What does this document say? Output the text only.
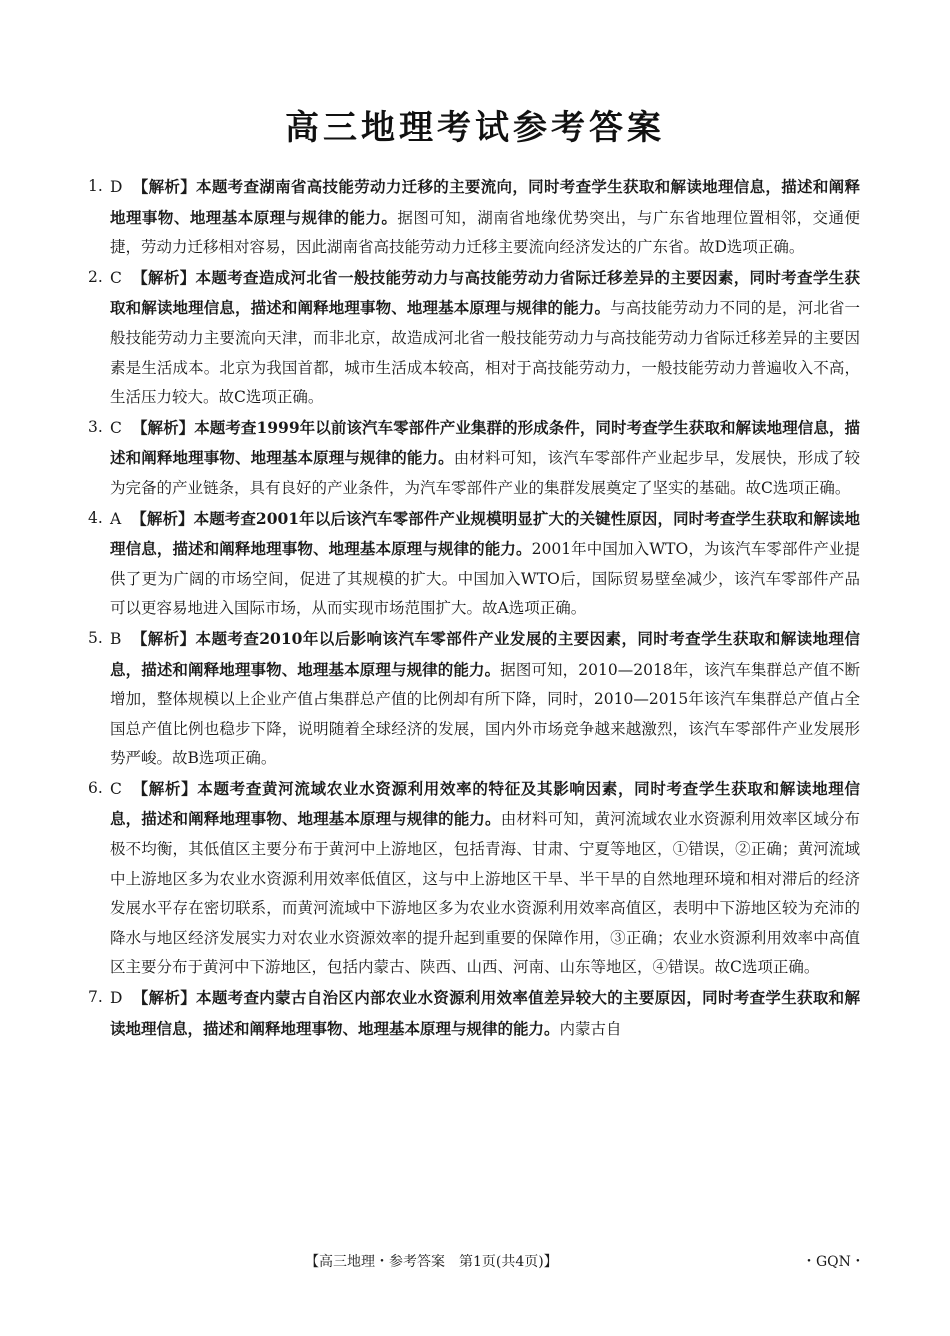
高三地理考试参考答案

1. D 【解析】本题考查湖南省高技能劳动力迁移的主要流向，同时考查学生获取和解读地理信息，描述和阐释地理事物、地理基本原理与规律的能力。据图可知，湖南省地缘优势突出，与广东省地理位置相邻，交通便捷，劳动力迁移相对容易，因此湖南省高技能劳动力迁移主要流向经济发达的广东省。故D选项正确。

2. C 【解析】本题考查造成河北省一般技能劳动力与高技能劳动力省际迁移差异的主要因素，同时考查学生获取和解读地理信息，描述和阐释地理事物、地理基本原理与规律的能力。与高技能劳动力不同的是，河北省一般技能劳动力主要流向天津，而非北京，故造成河北省一般技能劳动力与高技能劳动力省际迁移差异的主要因素是生活成本。北京为我国首都，城市生活成本较高，相对于高技能劳动力，一般技能劳动力普遍收入不高，生活压力较大。故C选项正确。

3. C 【解析】本题考查1999年以前该汽车零部件产业集群的形成条件，同时考查学生获取和解读地理信息，描述和阐释地理事物、地理基本原理与规律的能力。由材料可知，该汽车零部件产业起步早，发展快，形成了较为完备的产业链条，具有良好的产业条件，为汽车零部件产业的集群发展奠定了坚实的基础。故C选项正确。

4. A 【解析】本题考查2001年以后该汽车零部件产业规模明显扩大的关键性原因，同时考查学生获取和解读地理信息，描述和阐释地理事物、地理基本原理与规律的能力。2001年中国加入WTO，为该汽车零部件产业提供了更为广阔的市场空间，促进了其规模的扩大。中国加入WTO后，国际贸易壁垒减少，该汽车零部件产品可以更容易地进入国际市场，从而实现市场范围扩大。故A选项正确。

5. B 【解析】本题考查2010年以后影响该汽车零部件产业发展的主要因素，同时考查学生获取和解读地理信息，描述和阐释地理事物、地理基本原理与规律的能力。据图可知，2010—2018年，该汽车集群总产值不断增加，整体规模以上企业产值占集群总产值的比例却有所下降，同时，2010—2015年该汽车集群总产值占全国总产值比例也稳步下降，说明随着全球经济的发展，国内外市场竞争越来越激烈，该汽车零部件产业发展形势严峻。故B选项正确。

6. C 【解析】本题考查黄河流域农业水资源利用效率的特征及其影响因素，同时考查学生获取和解读地理信息，描述和阐释地理事物、地理基本原理与规律的能力。由材料可知，黄河流域农业水资源利用效率区域分布极不均衡，其低值区主要分布于黄河中上游地区，包括青海、甘肃、宁夏等地区，①错误，②正确；黄河流域中上游地区多为农业水资源利用效率低值区，这与中上游地区干旱、半干旱的自然地理环境和相对滞后的经济发展水平存在密切联系，而黄河流域中下游地区多为农业水资源利用效率高值区，表明中下游地区较为充沛的降水与地区经济发展实力对农业水资源效率的提升起到重要的保障作用，③正确；农业水资源利用效率中高值区主要分布于黄河中下游地区，包括内蒙古、陕西、山西、河南、山东等地区，④错误。故C选项正确。

7. D 【解析】本题考查内蒙古自治区内部农业水资源利用效率值差异较大的主要原因，同时考查学生获取和解读地理信息，描述和阐释地理事物、地理基本原理与规律的能力。内蒙古自

【高三地理・参考答案　第1页(共4页)】	・GQN・
